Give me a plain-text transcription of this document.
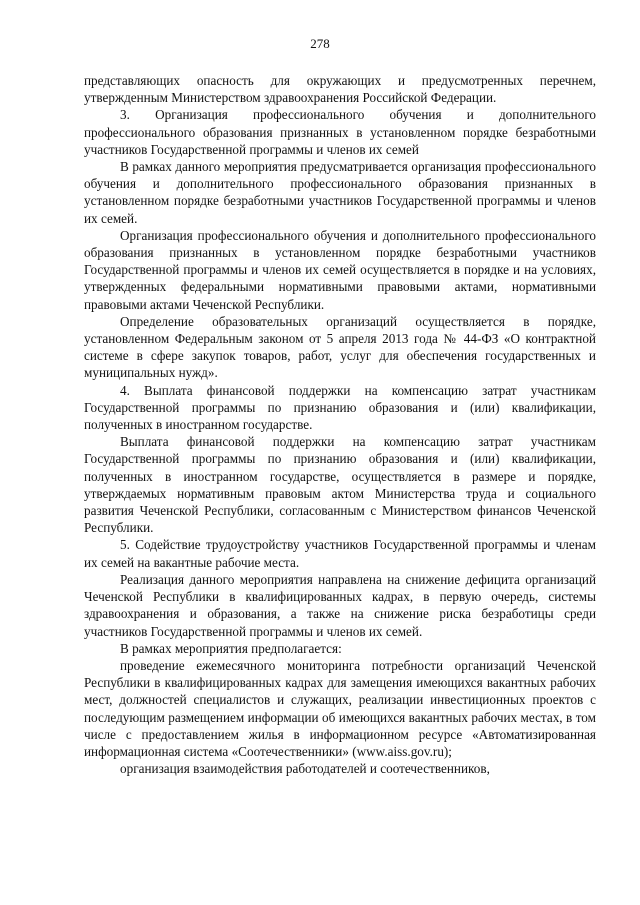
278

представляющих опасность для окружающих и предусмотренных перечнем, утвержденным Министерством здравоохранения Российской Федерации.

3. Организация профессионального обучения и дополнительного профессионального образования признанных в установленном порядке безработными участников Государственной программы и членов их семей

В рамках данного мероприятия предусматривается организация профессионального обучения и дополнительного профессионального образования признанных в установленном порядке безработными участников Государственной программы и членов их семей.

Организация профессионального обучения и дополнительного профессионального образования признанных в установленном порядке безработными участников Государственной программы и членов их семей осуществляется в порядке и на условиях, утвержденных федеральными нормативными правовыми актами, нормативными правовыми актами Чеченской Республики.

Определение образовательных организаций осуществляется в порядке, установленном Федеральным законом от 5 апреля 2013 года № 44-ФЗ «О контрактной системе в сфере закупок товаров, работ, услуг для обеспечения государственных и муниципальных нужд».

4. Выплата финансовой поддержки на компенсацию затрат участникам Государственной программы по признанию образования и (или) квалификации, полученных в иностранном государстве.

Выплата финансовой поддержки на компенсацию затрат участникам Государственной программы по признанию образования и (или) квалификации, полученных в иностранном государстве, осуществляется в размере и порядке, утверждаемых нормативным правовым актом Министерства труда и социального развития Чеченской Республики, согласованным с Министерством финансов Чеченской Республики.

5. Содействие трудоустройству участников Государственной программы и членам их семей на вакантные рабочие места.

Реализация данного мероприятия направлена на снижение дефицита организаций Чеченской Республики в квалифицированных кадрах, в первую очередь, системы здравоохранения и образования, а также на снижение риска безработицы среди участников Государственной программы и членов их семей.

В рамках мероприятия предполагается:

проведение ежемесячного мониторинга потребности организаций Чеченской Республики в квалифицированных кадрах для замещения имеющихся вакантных рабочих мест, должностей специалистов и служащих, реализации инвестиционных проектов с последующим размещением информации об имеющихся вакантных рабочих местах, в том числе с предоставлением жилья в информационном ресурсе «Автоматизированная информационная система «Соотечественники» (www.aiss.gov.ru);

организация взаимодействия работодателей и соотечественников,
